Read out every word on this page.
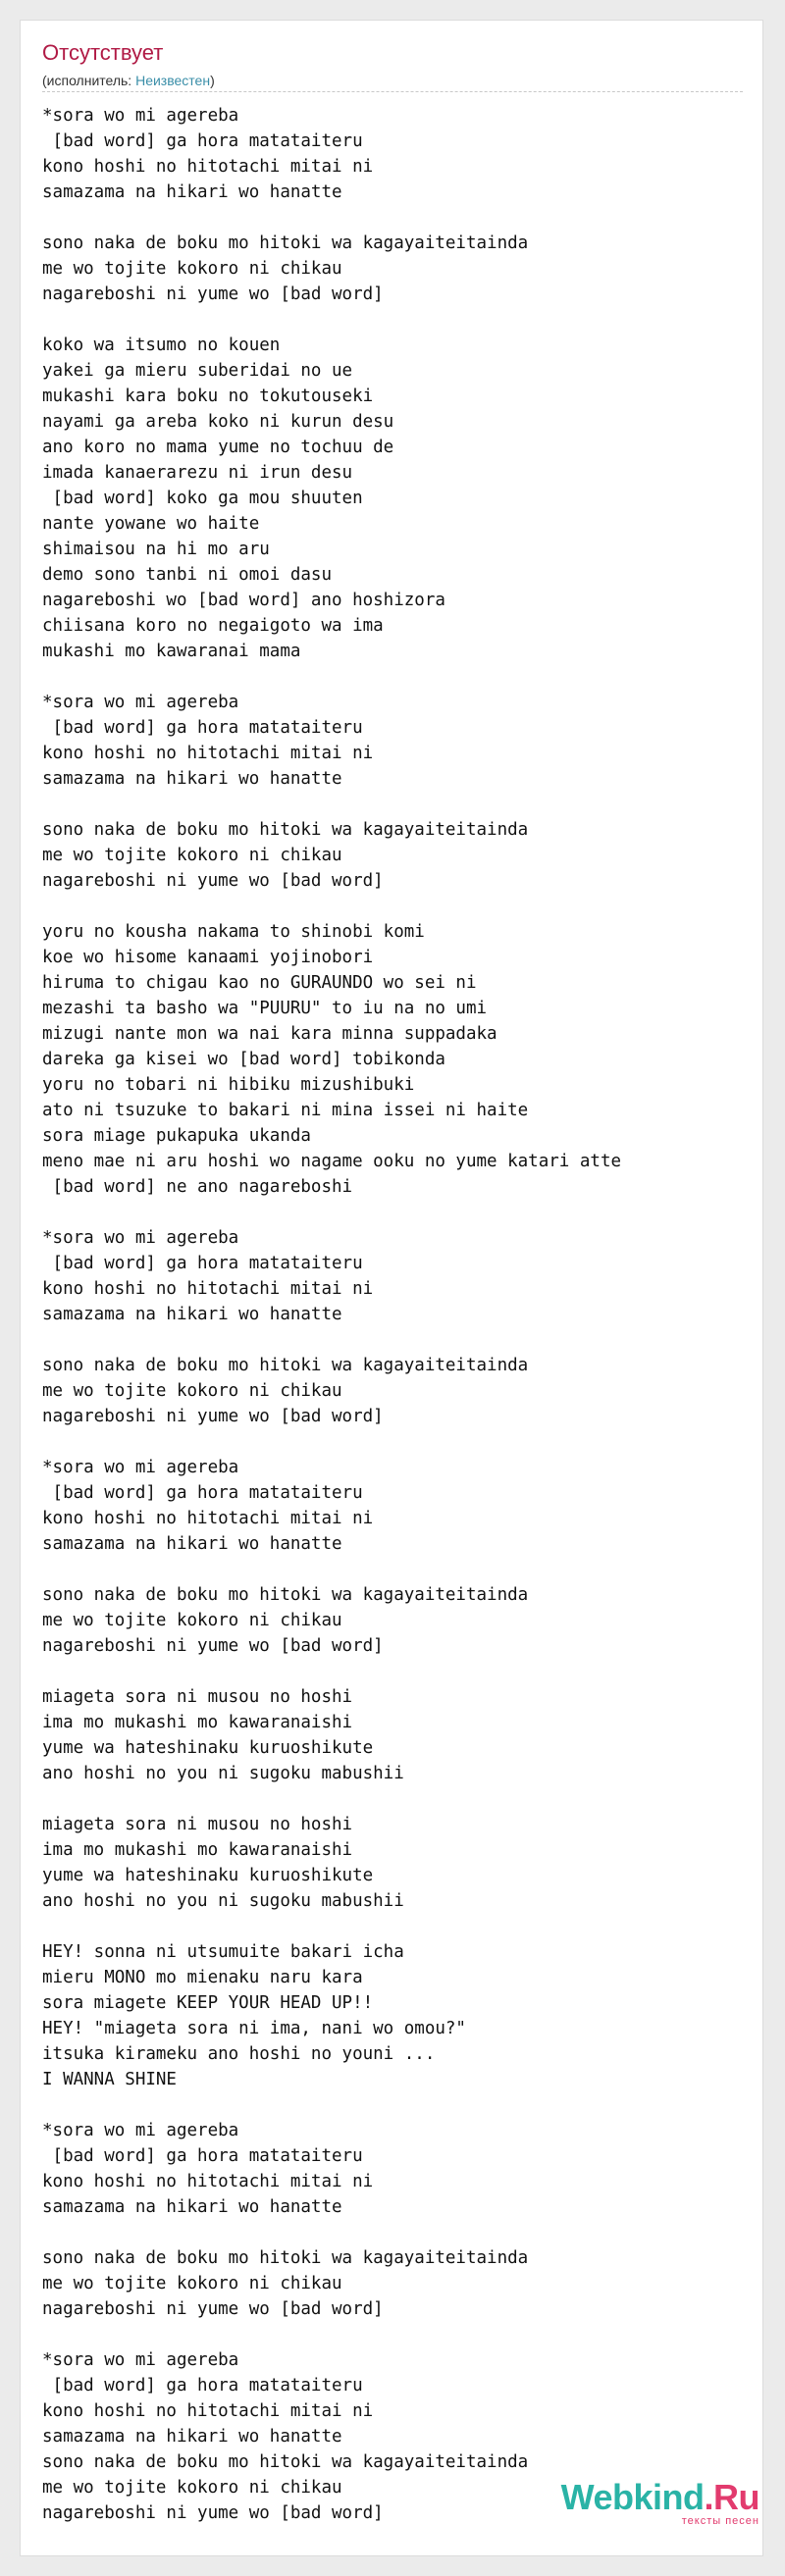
Отсутствует
(исполнитель: Неизвестен)
*sora wo mi agereba
[bad word] ga hora matataiteru
kono hoshi no hitotachi mitai ni
samazama na hikari wo hanatte

sono naka de boku mo hitoki wa kagayaiteitainda
me wo tojite kokoro ni chikau
nagareboshi ni yume wo [bad word]

koko wa itsumo no kouen
yakei ga mieru suberidai no ue
mukashi kara boku no tokutouseki
nayami ga areba koko ni kurun desu
ano koro no mama yume no tochuu de
imada kanaerarezu ni irun desu
[bad word] koko ga mou shuuten
nante yowane wo haite
shimaisou na hi mo aru
demo sono tanbi ni omoi dasu
nagareboshi wo [bad word] ano hoshizora
chiisana koro no negaigoto wa ima
mukashi mo kawaranai mama

*sora wo mi agereba
[bad word] ga hora matataiteru
kono hoshi no hitotachi mitai ni
samazama na hikari wo hanatte

sono naka de boku mo hitoki wa kagayaiteitainda
me wo tojite kokoro ni chikau
nagareboshi ni yume wo [bad word]

yoru no kousha nakama to shinobi komi
koe wo hisome kanaami yojinobori
hiruma to chigau kao no GURAUNDO wo sei ni
mezashi ta basho wa "PUURU" to iu na no umi
mizugi nante mon wa nai kara minna suppadaka
dareka ga kisei wo [bad word] tobikonda
yoru no tobari ni hibiku mizushibuki
ato ni tsuzuke to bakari ni mina issei ni haite
sora miage pukapuka ukanda
meno mae ni aru hoshi wo nagame ooku no yume katari atte
[bad word] ne ano nagareboshi

*sora wo mi agereba
[bad word] ga hora matataiteru
kono hoshi no hitotachi mitai ni
samazama na hikari wo hanatte

sono naka de boku mo hitoki wa kagayaiteitainda
me wo tojite kokoro ni chikau
nagareboshi ni yume wo [bad word]

*sora wo mi agereba
[bad word] ga hora matataiteru
kono hoshi no hitotachi mitai ni
samazama na hikari wo hanatte

sono naka de boku mo hitoki wa kagayaiteitainda
me wo tojite kokoro ni chikau
nagareboshi ni yume wo [bad word]

miageta sora ni musou no hoshi
ima mo mukashi mo kawaranaishi
yume wa hateshinaku kuruoshikute
ano hoshi no you ni sugoku mabushii

miageta sora ni musou no hoshi
ima mo mukashi mo kawaranaishi
yume wa hateshinaku kuruoshikute
ano hoshi no you ni sugoku mabushii

HEY! sonna ni utsumuite bakari icha
mieru MONO mo mienaku naru kara
sora miagete KEEP YOUR HEAD UP!!
HEY! "miageta sora ni ima, nani wo omou?"
itsuka kirameku ano hoshi no youni ...
I WANNA SHINE

*sora wo mi agereba
[bad word] ga hora matataiteru
kono hoshi no hitotachi mitai ni
samazama na hikari wo hanatte

sono naka de boku mo hitoki wa kagayaiteitainda
me wo tojite kokoro ni chikau
nagareboshi ni yume wo [bad word]

*sora wo mi agereba
[bad word] ga hora matataiteru
kono hoshi no hitotachi mitai ni
samazama na hikari wo hanatte
sono naka de boku mo hitoki wa kagayaiteitainda
me wo tojite kokoro ni chikau
nagareboshi ni yume wo [bad word]	Webkind.Ru
тексты песен
